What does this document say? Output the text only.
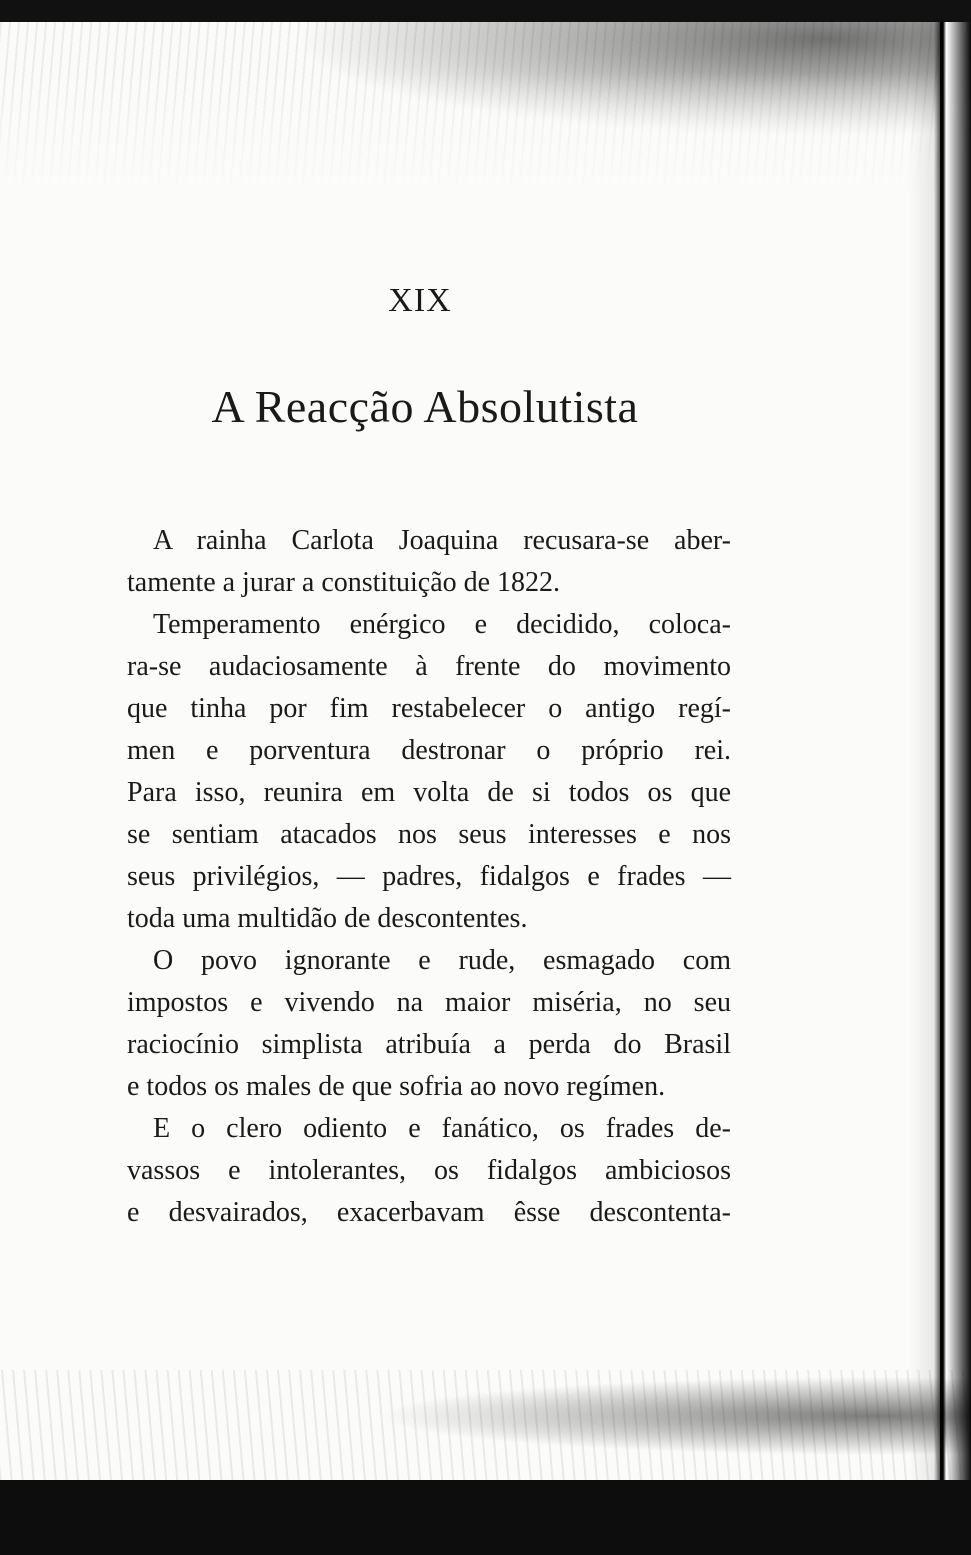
XIX
A Reacção Absolutista
A rainha Carlota Joaquina recusara-se aber-
tamente a jurar a constituição de 1822.
Temperamento enérgico e decidido, coloca-
ra-se audaciosamente à frente do movimento
que tinha por fim restabelecer o antigo regí-
men e porventura destronar o próprio rei.
Para isso, reunira em volta de si todos os que
se sentiam atacados nos seus interesses e nos
seus privilégios, — padres, fidalgos e frades —
toda uma multidão de descontentes.
O povo ignorante e rude, esmagado com
impostos e vivendo na maior miséria, no seu
raciocínio simplista atribuía a perda do Brasil
e todos os males de que sofria ao novo regímen.
E o clero odiento e fanático, os frades de-
vassos e intolerantes, os fidalgos ambiciosos
e desvairados, exacerbavam êsse descontenta-
